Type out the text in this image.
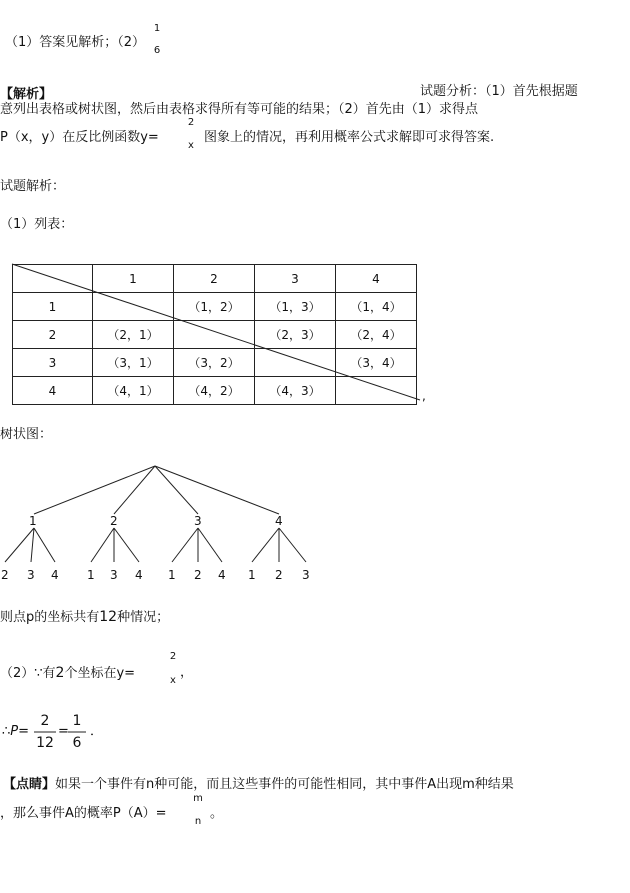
（1）答案见解析；（2）
1
6
【解析】	试题分析：（1）首先根据题
意列出表格或树状图，然后由表格求得所有等可能的结果；（2）首先由（1）求得点
P（x，y）在反比例函数y=
2
x
图象上的情况，再利用概率公式求解即可求得答案.
试题解析：
（1）列表：
	1	2	3	4
1		（1，2）	（1，3）	（1，4）
2	（2，1）		（2，3）	（2，4）
3	（3，1）	（3，2）		（3，4）
4	（4，1）	（4，2）	（4，3）		,
树状图：
1	2	3	4
2 3 4 1 3 4 1 2 4 1 2 3
则点p的坐标共有12种情况；
（2）∵有2个坐标在y=
2
x
，
∴P=
2
12
=
1
6
．
【点睛】如果一个事件有n种可能，而且这些事件的可能性相同，其中事件A出现m种结果
，那么事件A的概率P（A）=
m
n
。
